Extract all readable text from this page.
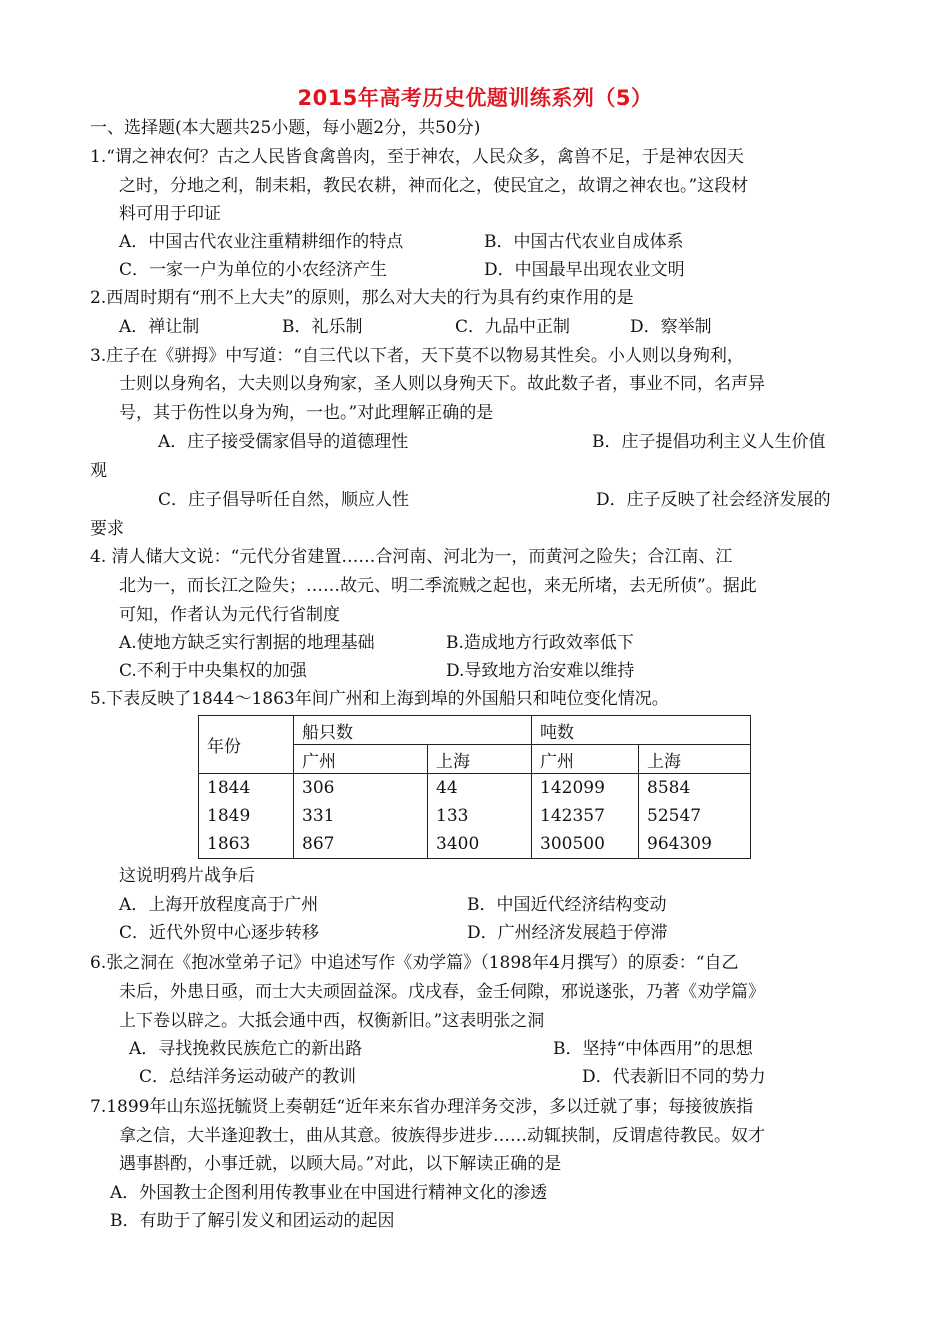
2015年高考历史优题训练系列（5）
一、选择题(本大题共25小题，每小题2分，共50分)
1.“谓之神农何？古之人民皆食禽兽肉，至于神农，人民众多，禽兽不足，于是神农因天
之时，分地之利，制耒耜，教民农耕，神而化之，使民宜之，故谓之神农也。”这段材
料可用于印证
A．中国古代农业注重精耕细作的特点	B．中国古代农业自成体系
C．一家一户为单位的小农经济产生	D．中国最早出现农业文明
2.西周时期有“刑不上大夫”的原则，那么对大夫的行为具有约束作用的是
A．禅让制	B．礼乐制	C．九品中正制	D．察举制
3.庄子在《骈拇》中写道：“自三代以下者，天下莫不以物易其性矣。小人则以身殉利，
士则以身殉名，大夫则以身殉家，圣人则以身殉天下。故此数子者，事业不同，名声异
号，其于伤性以身为殉，一也。”对此理解正确的是
A．庄子接受儒家倡导的道德理性	B．庄子提倡功利主义人生价值
观
C．庄子倡导听任自然，顺应人性	D．庄子反映了社会经济发展的
要求
4. 清人储大文说：“元代分省建置……合河南、河北为一，而黄河之险失；合江南、江
北为一，而长江之险失；……故元、明二季流贼之起也，来无所堵，去无所侦”。据此
可知，作者认为元代行省制度
A.使地方缺乏实行割据的地理基础	B.造成地方行政效率低下
C.不利于中央集权的加强	D.导致地方治安难以维持
5.下表反映了1844～1863年间广州和上海到埠的外国船只和吨位变化情况。
年份	船只数		吨数	
	广州	上海	广州	上海
1844	306	44	142099	8584
1849	331	133	142357	52547
1863	867	3400	300500	964309
这说明鸦片战争后
A．上海开放程度高于广州	B．中国近代经济结构变动
C．近代外贸中心逐步转移	D．广州经济发展趋于停滞
6.张之洞在《抱冰堂弟子记》中追述写作《劝学篇》（1898年4月撰写）的原委：“自乙
未后，外患日亟，而士大夫顽固益深。戊戌春，金壬伺隙，邪说遂张，乃著《劝学篇》
上下卷以辟之。大抵会通中西，权衡新旧。”这表明张之洞
A．寻找挽救民族危亡的新出路	B．坚持“中体西用”的思想
C．总结洋务运动破产的教训	D．代表新旧不同的势力
7.1899年山东巡抚毓贤上奏朝廷“近年来东省办理洋务交涉，多以迁就了事；每接彼族指
拿之信，大半逢迎教士，曲从其意。彼族得步进步……动辄挟制，反谓虐待教民。奴才
遇事斟酌，小事迁就，以顾大局。”对此，以下解读正确的是
A．外国教士企图利用传教事业在中国进行精神文化的渗透
B．有助于了解引发义和团运动的起因
